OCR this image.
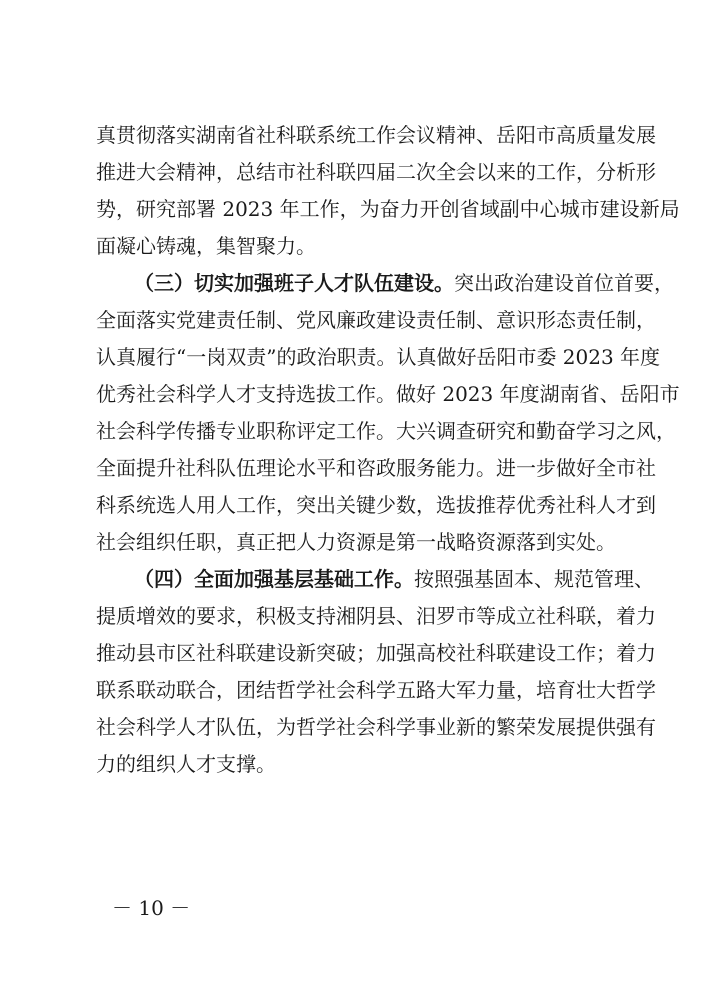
真贯彻落实湖南省社科联系统工作会议精神、岳阳市高质量发展
推进大会精神，总结市社科联四届二次全会以来的工作，分析形
势，研究部署 2023 年工作，为奋力开创省域副中心城市建设新局
面凝心铸魂，集智聚力。
（三）切实加强班子人才队伍建设。突出政治建设首位首要，
全面落实党建责任制、党风廉政建设责任制、意识形态责任制，
认真履行“一岗双责”的政治职责。认真做好岳阳市委 2023 年度
优秀社会科学人才支持选拔工作。做好 2023 年度湖南省、岳阳市
社会科学传播专业职称评定工作。大兴调查研究和勤奋学习之风，
全面提升社科队伍理论水平和咨政服务能力。进一步做好全市社
科系统选人用人工作，突出关键少数，选拔推荐优秀社科人才到
社会组织任职，真正把人力资源是第一战略资源落到实处。
（四）全面加强基层基础工作。按照强基固本、规范管理、
提质增效的要求，积极支持湘阴县、汨罗市等成立社科联，着力
推动县市区社科联建设新突破；加强高校社科联建设工作；着力
联系联动联合，团结哲学社会科学五路大军力量，培育壮大哲学
社会科学人才队伍，为哲学社会科学事业新的繁荣发展提供强有
力的组织人才支撑。
－ 10 －
